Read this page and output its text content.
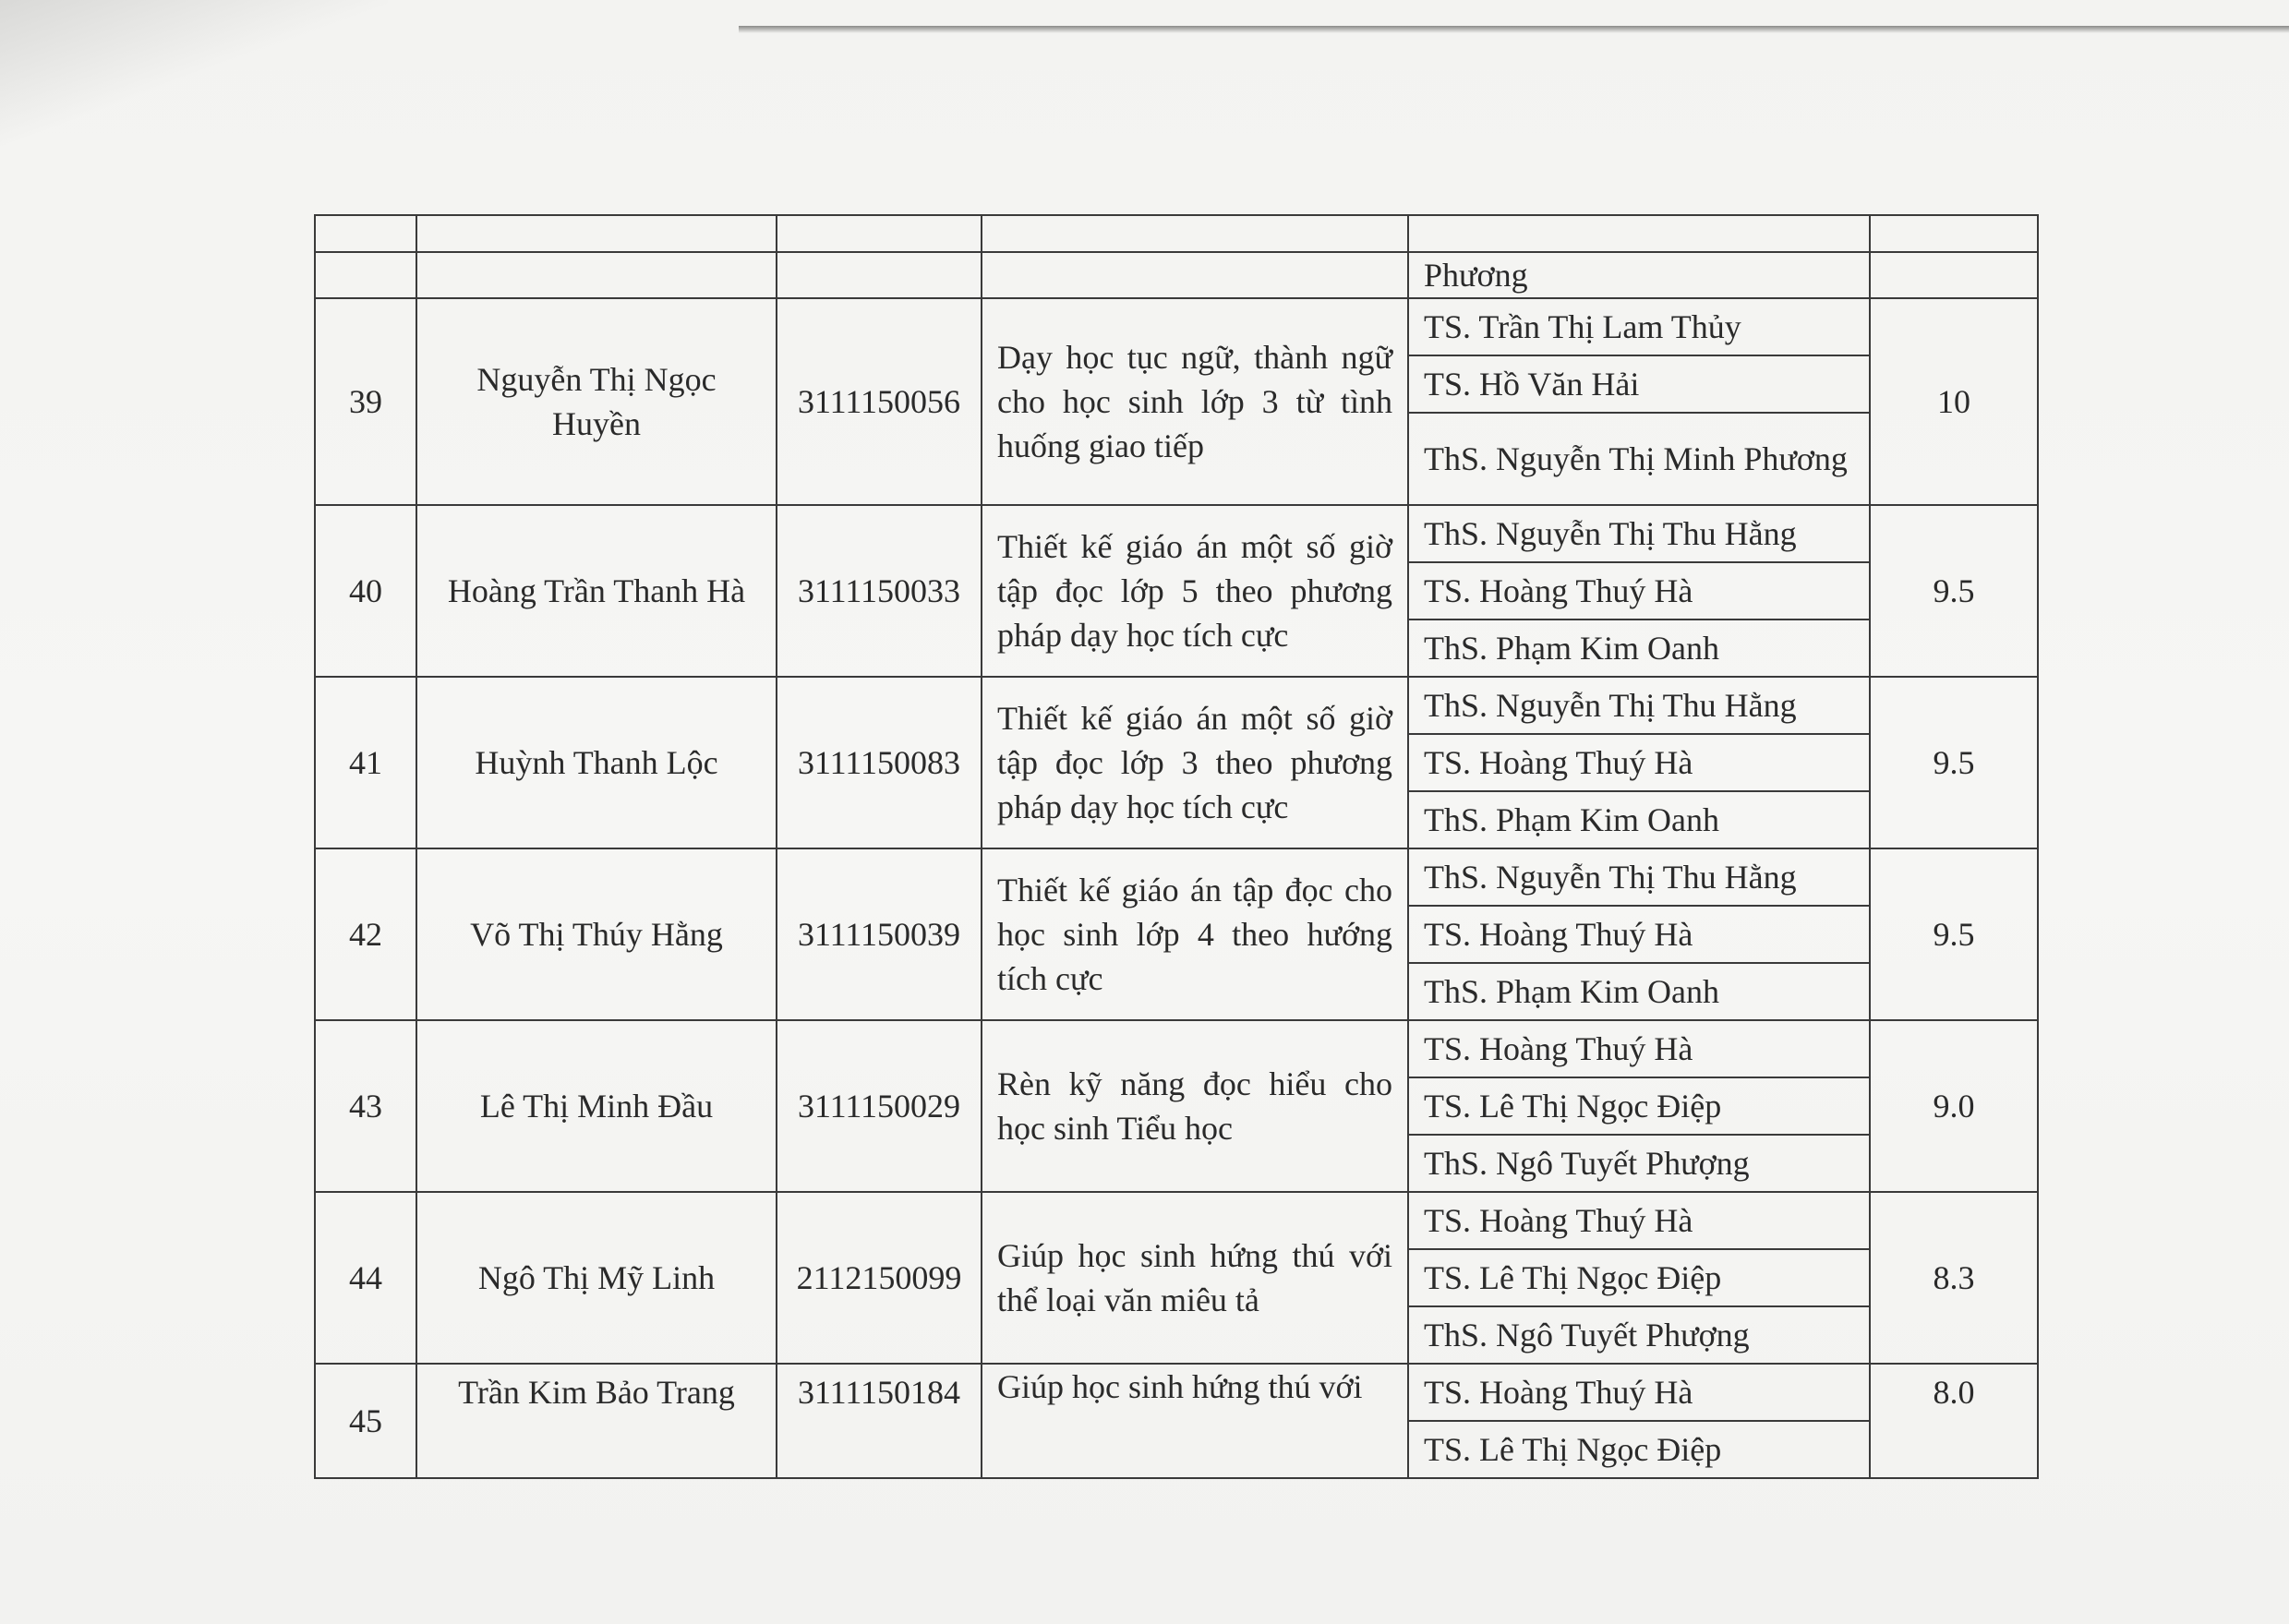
				Phương	
39	Nguyễn Thị Ngọc Huyền	3111150056	Dạy học tục ngữ, thành ngữ cho học sinh lớp 3 từ tình huống giao tiếp	TS. Trần Thị Lam Thủy	10
				TS. Hồ Văn Hải	
				ThS. Nguyễn Thị Minh Phương	
40	Hoàng Trần Thanh Hà	3111150033	Thiết kế giáo án một số giờ tập đọc lớp 5 theo phương pháp dạy học tích cực	ThS. Nguyễn Thị Thu Hằng	9.5
				TS. Hoàng Thuý Hà	
				ThS. Phạm Kim Oanh	
41	Huỳnh Thanh Lộc	3111150083	Thiết kế giáo án một số giờ tập đọc lớp 3 theo phương pháp dạy học tích cực	ThS. Nguyễn Thị Thu Hằng	9.5
				TS. Hoàng Thuý Hà	
				ThS. Phạm Kim Oanh	
42	Võ Thị Thúy Hằng	3111150039	Thiết kế giáo án tập đọc cho học sinh lớp 4 theo hướng tích cực	ThS. Nguyễn Thị Thu Hằng	9.5
				TS. Hoàng Thuý Hà	
				ThS. Phạm Kim Oanh	
43	Lê Thị Minh Đầu	3111150029	Rèn kỹ năng đọc hiểu cho học sinh Tiểu học	TS. Hoàng Thuý Hà	9.0
				TS. Lê Thị Ngọc Điệp	
				ThS. Ngô Tuyết Phượng	
44	Ngô Thị Mỹ Linh	2112150099	Giúp học sinh hứng thú với thể loại văn miêu tả	TS. Hoàng Thuý Hà	8.3
				TS. Lê Thị Ngọc Điệp	
				ThS. Ngô Tuyết Phượng	
45	Trần Kim Bảo Trang	3111150184	Giúp học sinh hứng thú với	TS. Hoàng Thuý Hà	8.0
				TS. Lê Thị Ngọc Điệp	
